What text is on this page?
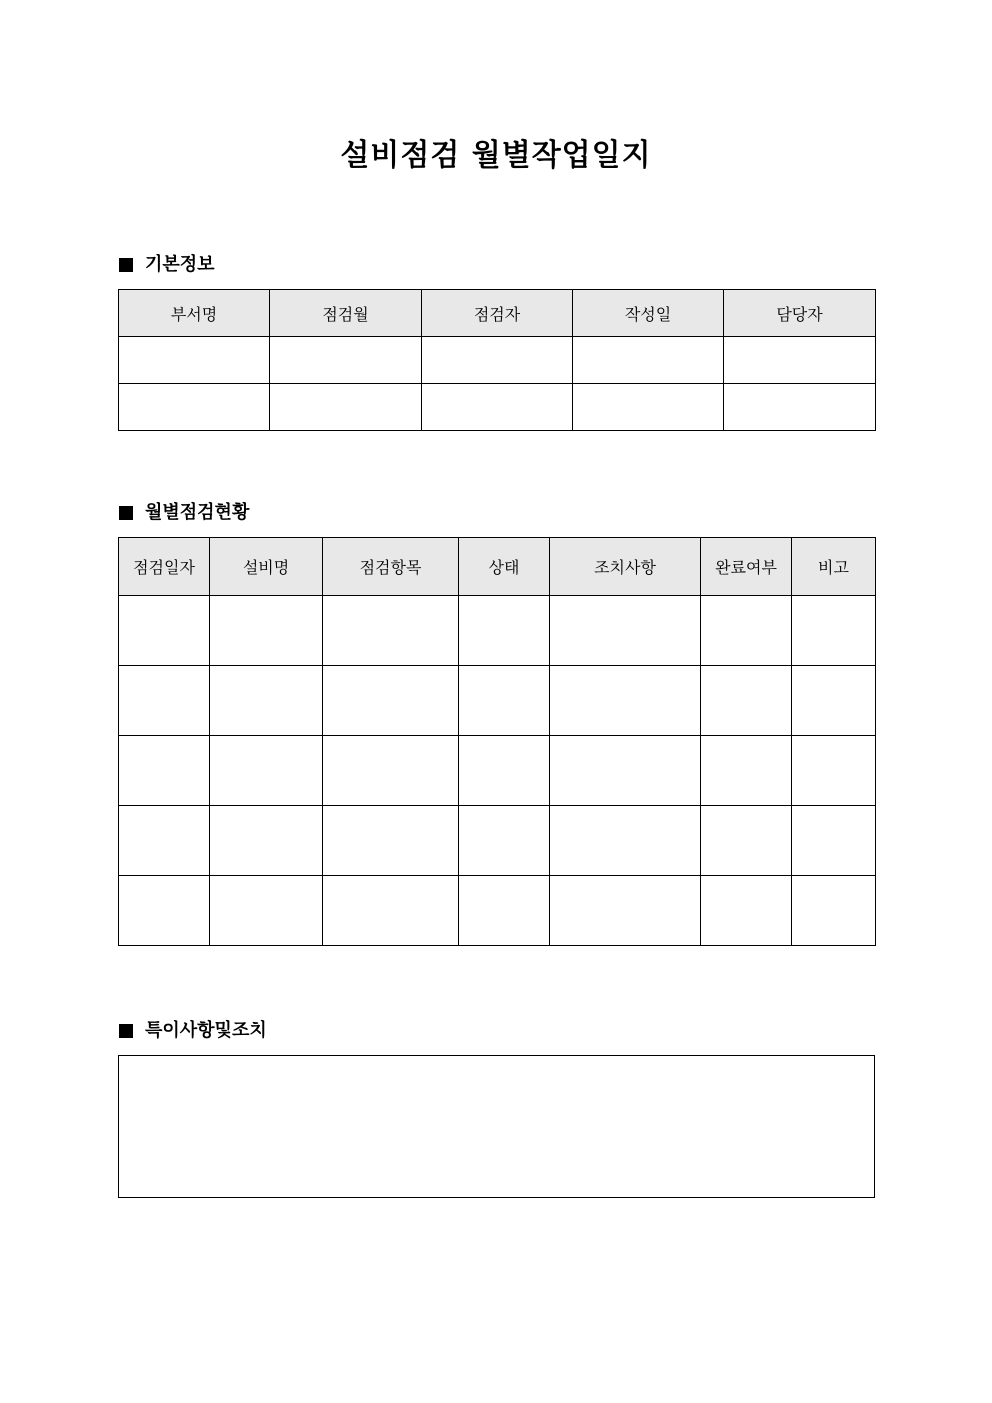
설비점검 월별작업일지
기본정보
부서명	점검월	점검자	작성일	담당자

월별점검현황
점검일자	설비명	점검항목	상태	조치사항	완료여부	비고

특이사항및조치
